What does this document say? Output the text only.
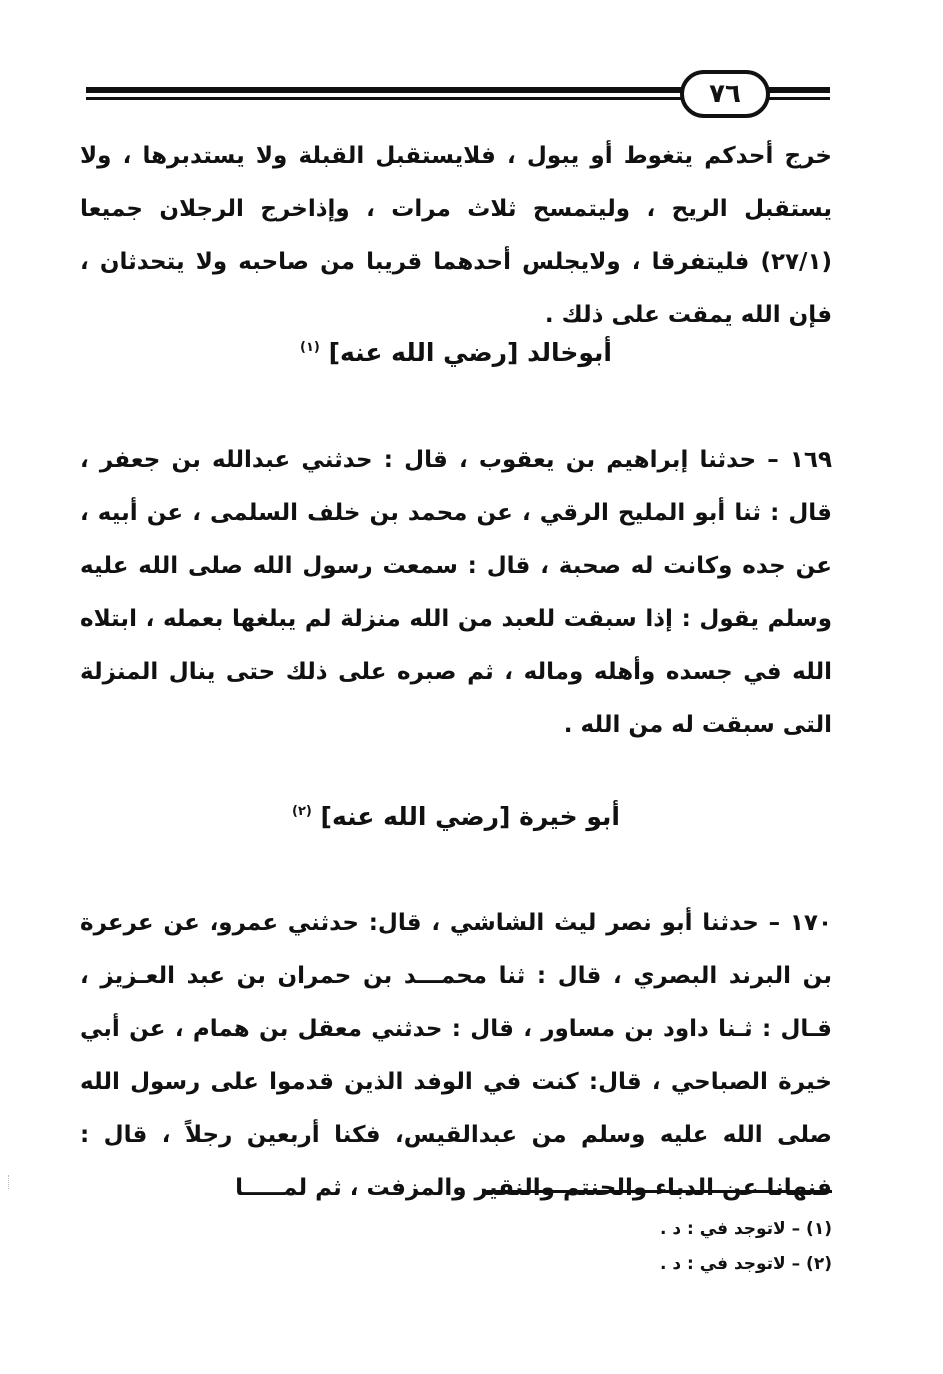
٧٦
خرج أحدكم يتغوط أو يبول ، فلايستقبل القبلة ولا يستدبرها ، ولا يستقبل الريح ، وليتمسح ثلاث مرات ، وإذاخرج الرجلان جميعا (٢٧/١) فليتفرقا ، ولايجلس أحدهما قريبا من صاحبه ولا يتحدثان ، فإن الله يمقت على ذلك .
أبوخالد [رضي الله عنه] $^{(١)}$
١٦٩ – حدثنا إبراهيم بن يعقوب ، قال : حدثني عبدالله بن جعفر ، قال : ثنا أبو المليح الرقي ، عن محمد بن خلف السلمى ، عن أبيه ، عن جده وكانت له صحبة ، قال : سمعت رسول الله صلى الله عليه وسلم يقول : إذا سبقت للعبد من الله منزلة لم يبلغها بعمله ، ابتلاه الله في جسده وأهله وماله ، ثم صبره على ذلك حتى ينال المنزلة التى سبقت له من الله .
أبو خيرة [رضي الله عنه] $^{(٢)}$
١٧٠ – حدثنا أبو نصر ليث الشاشي ، قال: حدثني عمرو، عن عرعرة بن البرند البصري ، قال : ثنا محمـــد بن حمران بن عبد العـزيز ، قـال : ثـنا داود بن مساور ، قال : حدثني معقل بن همام ، عن أبي خيرة الصباحي ، قال: كنت في الوفد الذين قدموا على رسول الله صلى الله عليه وسلم من عبدالقيس، فكنا أربعين رجلاً ، قال : فنهانا عن الدباء والحنتم والنقير والمزفت ، ثم لمـــــا
(١) – لاتوجد في : د .
(٢) – لاتوجد في : د .
